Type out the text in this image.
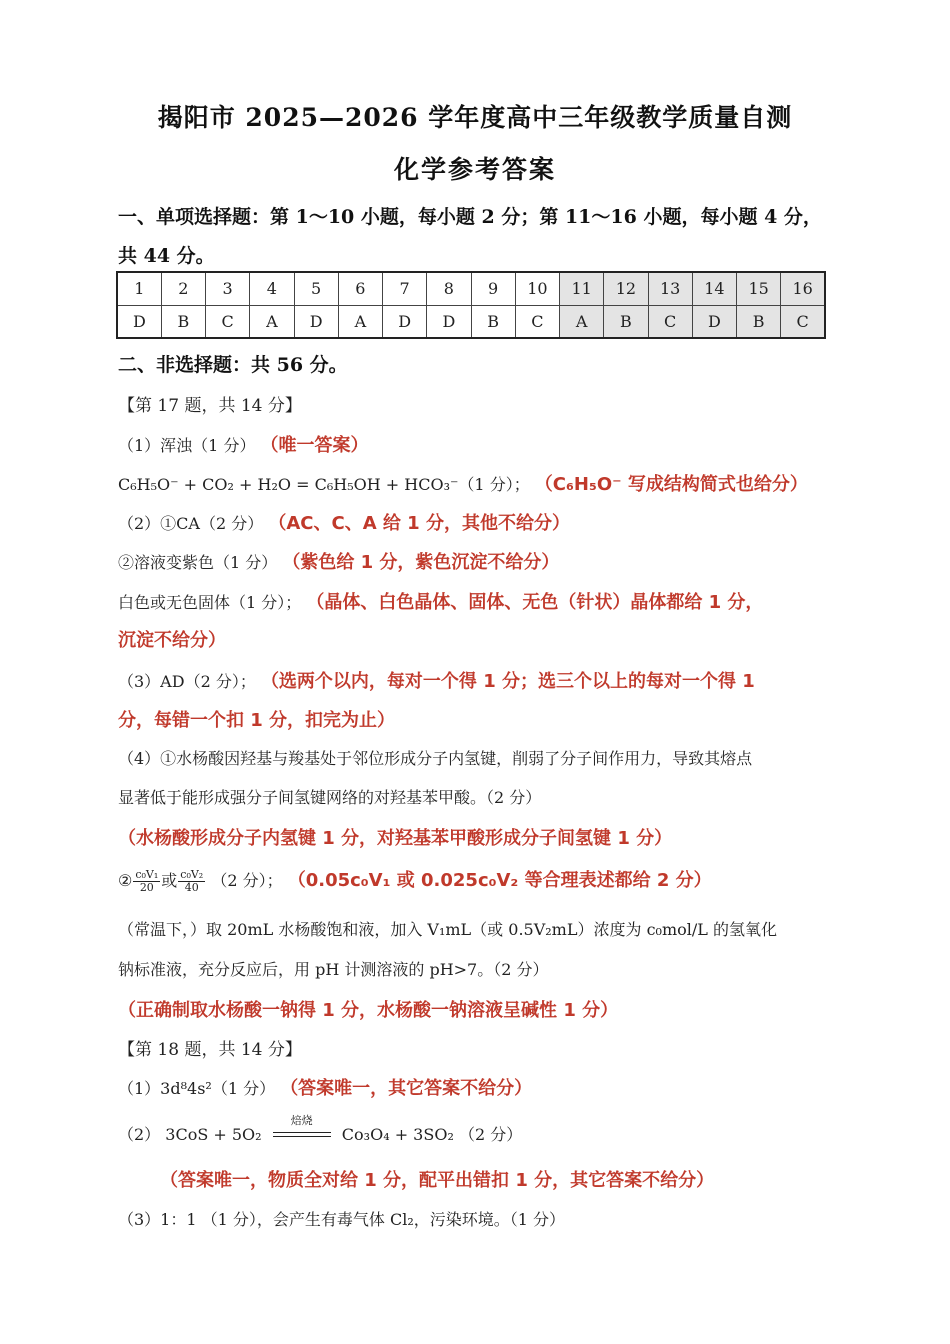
揭阳市 2025—2026 学年度高中三年级教学质量自测
化学参考答案
一、单项选择题：第 1～10 小题，每小题 2 分；第 11～16 小题，每小题 4 分，
共 44 分。
1	2	3	4	5	6	7	8	9	10	11	12	13	14	15	16
D	B	C	A	D	A	D	D	B	C	A	B	C	D	B	C
二、非选择题：共 56 分。
【第 17 题，共 14 分】
（1）浑浊（1 分） （唯一答案）
C₆H₅O⁻ + CO₂ + H₂O = C₆H₅OH + HCO₃⁻（1 分）； （C₆H₅O⁻ 写成结构简式也给分）
（2）①CA（2 分） （AC、C、A 给 1 分，其他不给分）
②溶液变紫色（1 分） （紫色给 1 分，紫色沉淀不给分）
白色或无色固体（1 分）； （晶体、白色晶体、固体、无色（针状）晶体都给 1 分，
沉淀不给分）
（3）AD（2 分）； （选两个以内，每对一个得 1 分；选三个以上的每对一个得 1
分，每错一个扣 1 分，扣完为止）
（4）①水杨酸因羟基与羧基处于邻位形成分子内氢键，削弱了分子间作用力，导致其熔点
显著低于能形成强分子间氢键网络的对羟基苯甲酸。（2 分）
（水杨酸形成分子内氢键 1 分，对羟基苯甲酸形成分子间氢键 1 分）
② $\frac{\text{c₀V₁}}{20}$ 或 $\frac{\text{c₀V₂}}{40} (2$ 分）； （0.05c₀V₁ 或 0.025c₀V₂ 等合理表述都给 2 分）
（常温下，）取 20mL 水杨酸饱和液，加入 V₁mL（或 0.5V₂mL）浓度为 c₀mol/L 的氢氧化
钠标准液，充分反应后，用 pH 计测溶液的 pH>7。（2 分）
（正确制取水杨酸一钠得 1 分，水杨酸一钠溶液呈碱性 1 分）
【第 18 题，共 14 分】
（1）3d⁸4s²（1 分） （答案唯一，其它答案不给分）
（2） 3CoS + 5O₂
焙烧
Co₃O₄ + 3SO₂ （2 分）
（答案唯一，物质全对给 1 分，配平出错扣 1 分，其它答案不给分）
（3）1：1 （1 分），会产生有毒气体 Cl₂，污染环境。（1 分）
